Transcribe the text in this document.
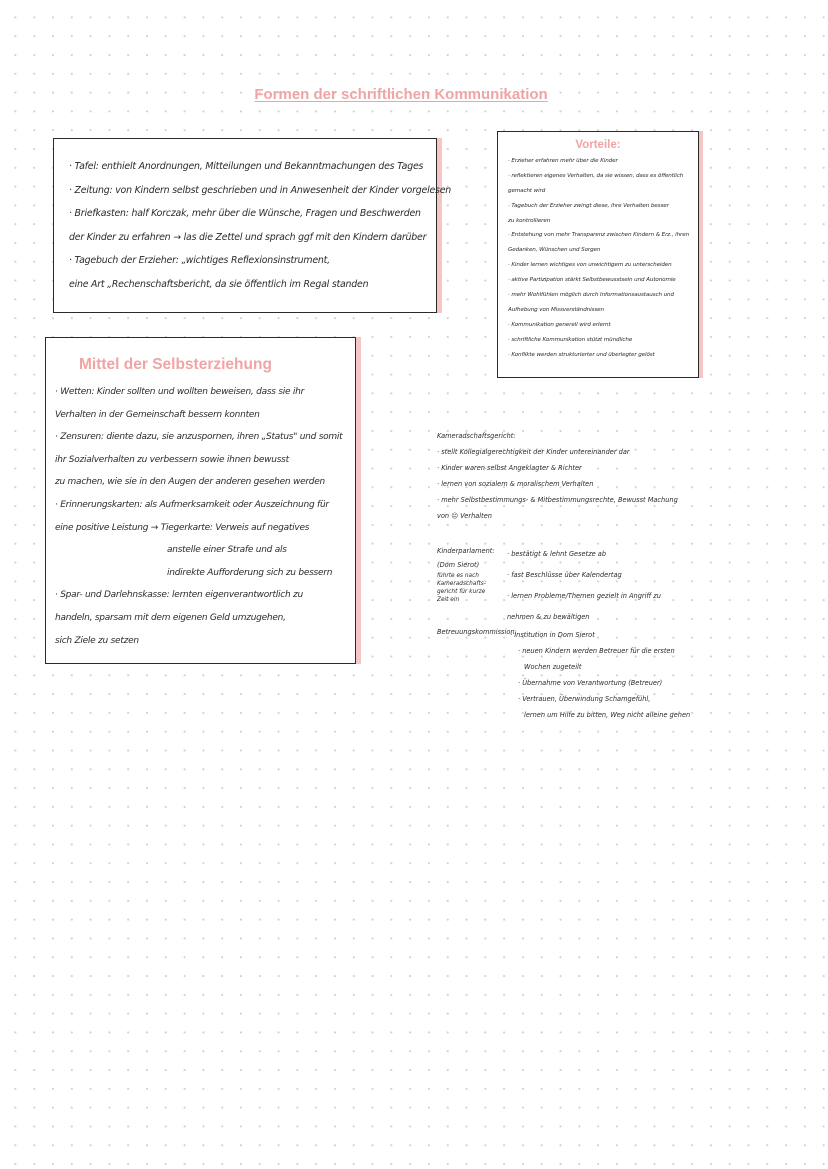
Formen der schriftlichen Kommunikation
· Tafel: enthielt Anordnungen, Mitteilungen und Bekanntmachungen des Tages
· Zeitung: von Kindern selbst geschrieben und in Anwesenheit der Kinder vorgelesen
· Briefkasten: half Korczak, mehr über die Wünsche, Fragen und Beschwerden
der Kinder zu erfahren → las die Zettel und sprach ggf mit den Kindern darüber
· Tagebuch der Erzieher: „wichtiges Reflexionsinstrument,
eine Art „Rechenschaftsbericht, da sie öffentlich im Regal standen
Mittel der Selbsterziehung
· Wetten: Kinder sollten und wollten beweisen, dass sie ihr
Verhalten in der Gemeinschaft bessern konnten
· Zensuren: diente dazu, sie anzuspornen, ihren „Status" und somit
ihr Sozialverhalten zu verbessern sowie ihnen bewusst
zu machen, wie sie in den Augen der anderen gesehen werden
· Erinnerungskarten: als Aufmerksamkeit oder Auszeichnung für
eine positive Leistung → Tiegerkarte: Verweis auf negatives
anstelle einer Strafe und als
indirekte Aufforderung sich zu bessern
· Spar- und Darlehnskasse: lernten eigenverantwortlich zu
handeln, sparsam mit dem eigenen Geld umzugehen,
sich Ziele zu setzen
Vorteile:
· Erzieher erfahren mehr über die Kinder
· reflektieren eigenes Verhalten, da sie wissen, dass es öffentlich
gemacht wird
· Tagebuch der Erzieher zwingt diese, ihre Verhalten besser
zu kontrollieren
· Entstehung von mehr Transparenz zwischen Kindern & Erz., ihren
Gedanken, Wünschen und Sorgen
· Kinder lernen wichtiges von unwichtigem zu unterscheiden
· aktive Partizipation stärkt Selbstbewusstsein und Autonomie
· mehr Wohlfühlen möglich durch Informationsaustausch und
Aufhebung von Missverständnissen
· Kommunikation generell wird erlernt
· schriftliche Kommunikation stützt mündliche
· Konflikte werden strukturierter und überlegter gelöst
Kameradschaftsgericht:
· stellt Kollegialgerechtigkeit der Kinder untereinander dar
· Kinder waren selbst Angeklagter & Richter
· lernen von sozialem & moralischem Verhalten
· mehr Selbstbestimmungs- & Mitbestimmungsrechte, Bewusst Machung
von ☹ Verhalten
Kinderparlament:
(Dom Sierot)
führte es nach
Kameradschafts-
gericht für kurze
Zeit ein
· bestätigt & lehnt Gesetze ab
· fast Beschlüsse über Kalendertag
· lernen Probleme/Themen gezielt in Angriff zu
nehmen & zu bewältigen
Betreuungskommission:
· Institution in Dom Sierot
· neuen Kindern werden Betreuer für die ersten
Wochen zugeteilt
· Übernahme von Verantwortung (Betreuer)
· Vertrauen, Überwindung Schamgefühl,
lernen um Hilfe zu bitten, Weg nicht alleine gehen
